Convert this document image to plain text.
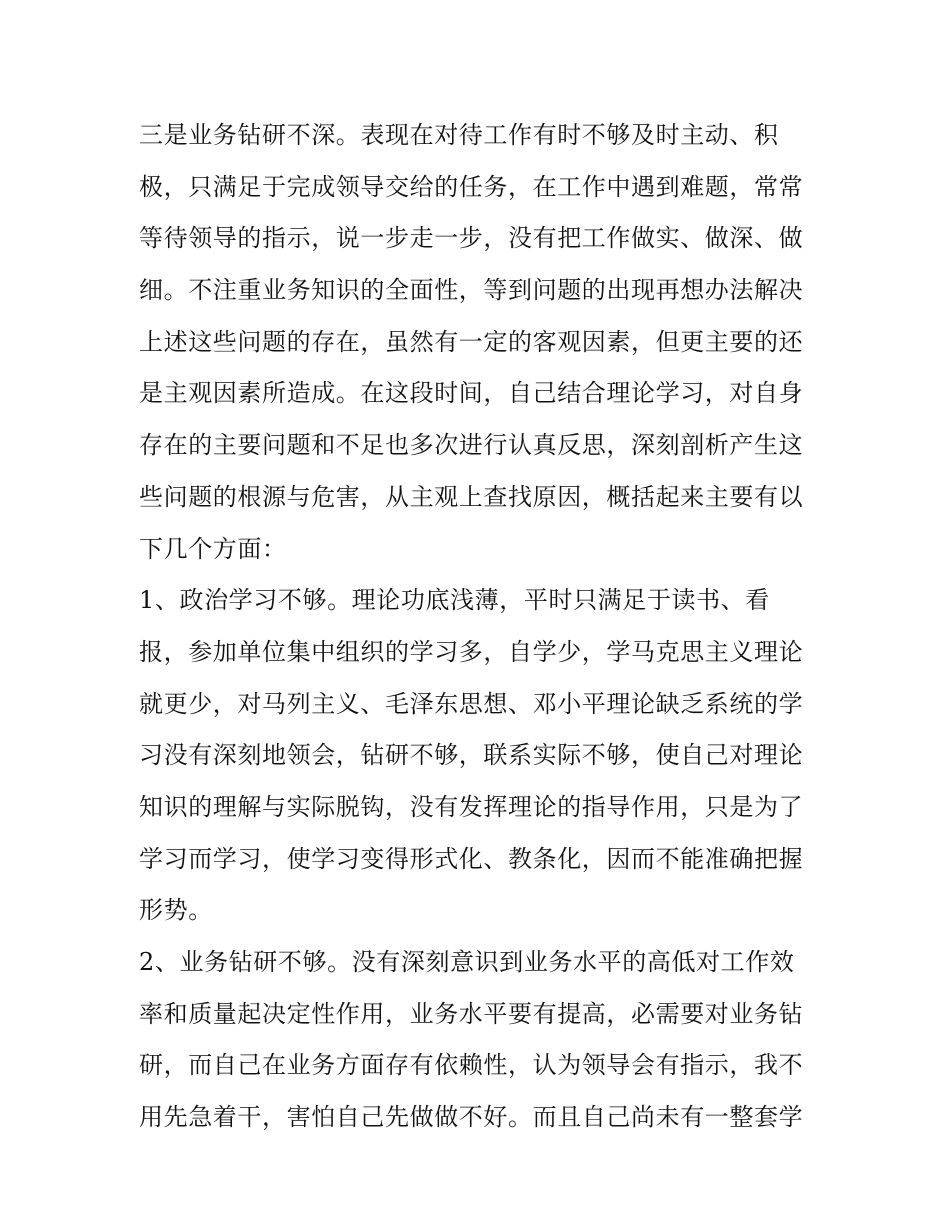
三是业务钻研不深。表现在对待工作有时不够及时主动、积
极，只满足于完成领导交给的任务，在工作中遇到难题，常常
等待领导的指示，说一步走一步，没有把工作做实、做深、做
细。不注重业务知识的全面性，等到问题的出现再想办法解决
上述这些问题的存在，虽然有一定的客观因素，但更主要的还
是主观因素所造成。在这段时间，自己结合理论学习，对自身
存在的主要问题和不足也多次进行认真反思，深刻剖析产生这
些问题的根源与危害，从主观上查找原因，概括起来主要有以
下几个方面：
1、政治学习不够。理论功底浅薄，平时只满足于读书、看
报，参加单位集中组织的学习多，自学少，学马克思主义理论
就更少，对马列主义、毛泽东思想、邓小平理论缺乏系统的学
习没有深刻地领会，钻研不够，联系实际不够，使自己对理论
知识的理解与实际脱钩，没有发挥理论的指导作用，只是为了
学习而学习，使学习变得形式化、教条化，因而不能准确把握
形势。
2、业务钻研不够。没有深刻意识到业务水平的高低对工作效
率和质量起决定性作用，业务水平要有提高，必需要对业务钻
研，而自己在业务方面存有依赖性，认为领导会有指示，我不
用先急着干，害怕自己先做做不好。而且自己尚未有一整套学
